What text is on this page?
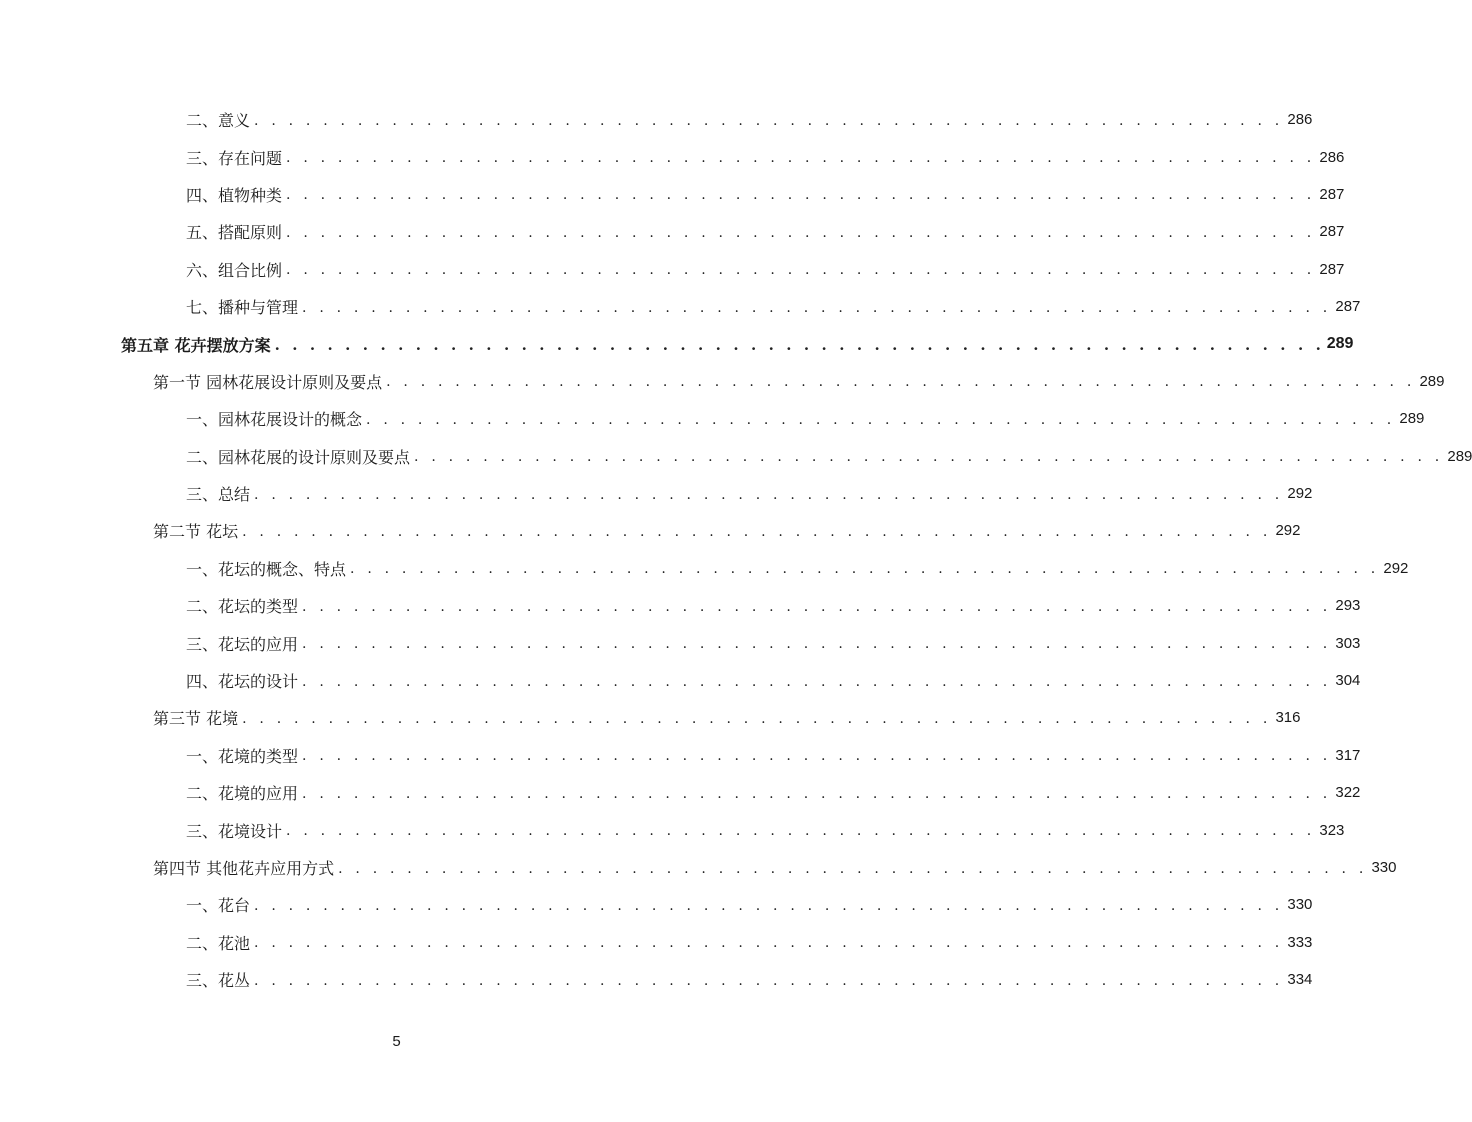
二、意义 . . . . . . . . . . . . . . . . . . . . . . . . . . . . . . . . . . . . . . . . . . . . . . . . . . . . . . . . . . . . 286
三、存在问题 . . . . . . . . . . . . . . . . . . . . . . . . . . . . . . . . . . . . . . . . . . . . . . . . . . . . . . . . . . . . 286
四、植物种类 . . . . . . . . . . . . . . . . . . . . . . . . . . . . . . . . . . . . . . . . . . . . . . . . . . . . . . . . . . . . 287
五、搭配原则 . . . . . . . . . . . . . . . . . . . . . . . . . . . . . . . . . . . . . . . . . . . . . . . . . . . . . . . . . . . . 287
六、组合比例 . . . . . . . . . . . . . . . . . . . . . . . . . . . . . . . . . . . . . . . . . . . . . . . . . . . . . . . . . . . . 287
七、播种与管理 . . . . . . . . . . . . . . . . . . . . . . . . . . . . . . . . . . . . . . . . . . . . . . . . . . . . . . . . . . . . 287
第五章 花卉摆放方案 . . . . . . . . . . . . . . . . . . . . . . . . . . . . . . . . . . . . . . . . . . . . . . . . . . . . . . . . . . . . 289
第一节 园林花展设计原则及要点 . . . . . . . . . . . . . . . . . . . . . . . . . . . . . . . . . . . . . . . . . . . . . . . . . . . . . . . . . . . . 289
一、园林花展设计的概念 . . . . . . . . . . . . . . . . . . . . . . . . . . . . . . . . . . . . . . . . . . . . . . . . . . . . . . . . . . . . 289
二、园林花展的设计原则及要点 . . . . . . . . . . . . . . . . . . . . . . . . . . . . . . . . . . . . . . . . . . . . . . . . . . . . . . . . . . . . 289
三、总结 . . . . . . . . . . . . . . . . . . . . . . . . . . . . . . . . . . . . . . . . . . . . . . . . . . . . . . . . . . . . 292
第二节 花坛 . . . . . . . . . . . . . . . . . . . . . . . . . . . . . . . . . . . . . . . . . . . . . . . . . . . . . . . . . . . . 292
一、花坛的概念、特点 . . . . . . . . . . . . . . . . . . . . . . . . . . . . . . . . . . . . . . . . . . . . . . . . . . . . . . . . . . . . 292
二、花坛的类型 . . . . . . . . . . . . . . . . . . . . . . . . . . . . . . . . . . . . . . . . . . . . . . . . . . . . . . . . . . . . 293
三、花坛的应用 . . . . . . . . . . . . . . . . . . . . . . . . . . . . . . . . . . . . . . . . . . . . . . . . . . . . . . . . . . . . 303
四、花坛的设计 . . . . . . . . . . . . . . . . . . . . . . . . . . . . . . . . . . . . . . . . . . . . . . . . . . . . . . . . . . . . 304
第三节 花境 . . . . . . . . . . . . . . . . . . . . . . . . . . . . . . . . . . . . . . . . . . . . . . . . . . . . . . . . . . . . 316
一、花境的类型 . . . . . . . . . . . . . . . . . . . . . . . . . . . . . . . . . . . . . . . . . . . . . . . . . . . . . . . . . . . . 317
二、花境的应用 . . . . . . . . . . . . . . . . . . . . . . . . . . . . . . . . . . . . . . . . . . . . . . . . . . . . . . . . . . . . 322
三、花境设计 . . . . . . . . . . . . . . . . . . . . . . . . . . . . . . . . . . . . . . . . . . . . . . . . . . . . . . . . . . . . 323
第四节 其他花卉应用方式 . . . . . . . . . . . . . . . . . . . . . . . . . . . . . . . . . . . . . . . . . . . . . . . . . . . . . . . . . . . . 330
一、花台 . . . . . . . . . . . . . . . . . . . . . . . . . . . . . . . . . . . . . . . . . . . . . . . . . . . . . . . . . . . . 330
二、花池 . . . . . . . . . . . . . . . . . . . . . . . . . . . . . . . . . . . . . . . . . . . . . . . . . . . . . . . . . . . . 333
三、花丛 . . . . . . . . . . . . . . . . . . . . . . . . . . . . . . . . . . . . . . . . . . . . . . . . . . . . . . . . . . . . 334
5
